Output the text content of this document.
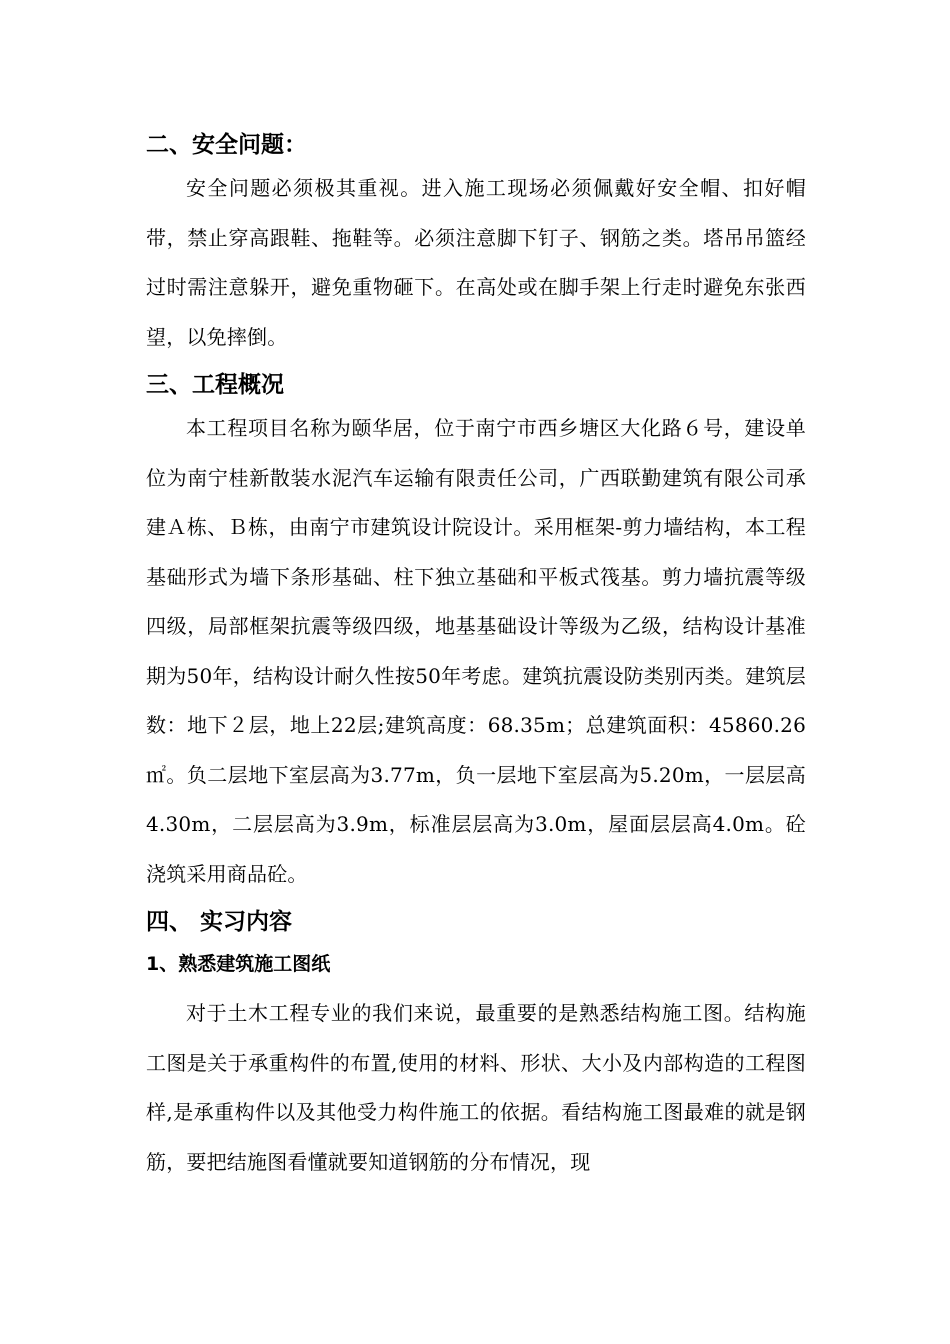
二、安全问题：

安全问题必须极其重视。进入施工现场必须佩戴好安全帽、扣好帽带，禁止穿高跟鞋、拖鞋等。必须注意脚下钉子、钢筋之类。塔吊吊篮经过时需注意躲开，避免重物砸下。在高处或在脚手架上行走时避免东张西望，以免摔倒。

三、工程概况

本工程项目名称为颐华居，位于南宁市西乡塘区大化路６号，建设单位为南宁桂新散装水泥汽车运输有限责任公司，广西联勤建筑有限公司承建Ａ栋、Ｂ栋，由南宁市建筑设计院设计。采用框架-剪力墙结构，本工程基础形式为墙下条形基础、柱下独立基础和平板式筏基。剪力墙抗震等级四级，局部框架抗震等级四级，地基基础设计等级为乙级，结构设计基准期为50年，结构设计耐久性按50年考虑。建筑抗震设防类别丙类。建筑层数：地下２层，地上22层;建筑高度：68.35m；总建筑面积：45860.26㎡。负二层地下室层高为3.77m，负一层地下室层高为5.20m，一层层高4.30m，二层层高为3.9m，标准层层高为3.0m，屋面层层高4.0m。砼浇筑采用商品砼。

四、 实习内容
1、熟悉建筑施工图纸

对于土木工程专业的我们来说，最重要的是熟悉结构施工图。结构施工图是关于承重构件的布置,使用的材料、形状、大小及内部构造的工程图样,是承重构件以及其他受力构件施工的依据。看结构施工图最难的就是钢筋，要把结施图看懂就要知道钢筋的分布情况，现
